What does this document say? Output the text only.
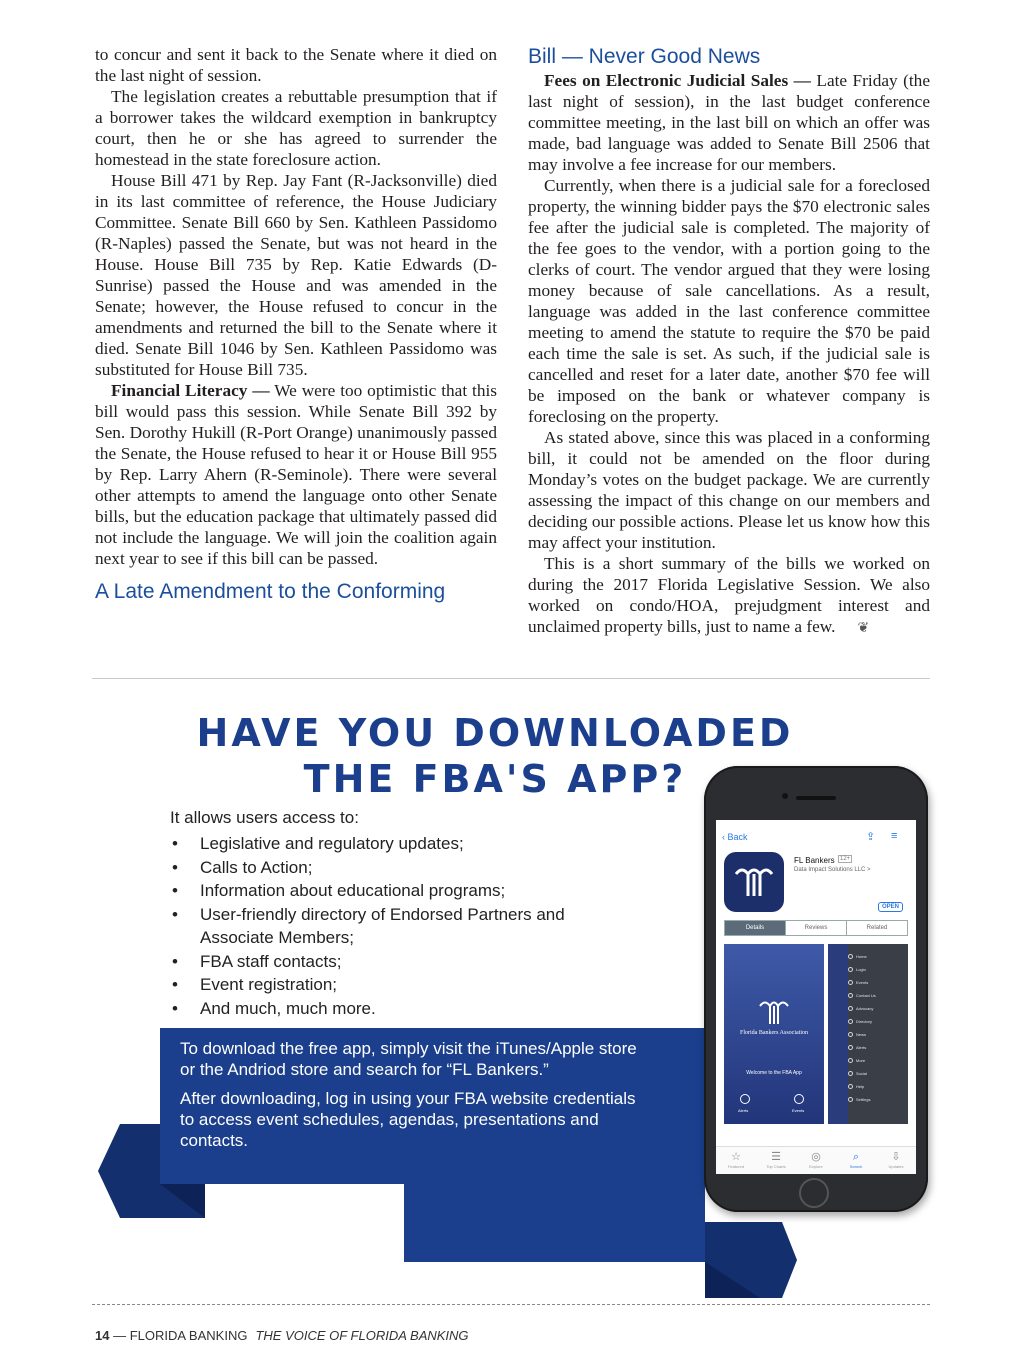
to concur and sent it back to the Senate where it died on the last night of session.

The legislation creates a rebuttable presumption that if a borrower takes the wildcard exemption in bankruptcy court, then he or she has agreed to surrender the homestead in the state foreclosure action.

House Bill 471 by Rep. Jay Fant (R-Jacksonville) died in its last committee of reference, the House Judiciary Committee. Senate Bill 660 by Sen. Kathleen Passidomo (R-Naples) passed the Senate, but was not heard in the House. House Bill 735 by Rep. Katie Edwards (D-Sunrise) passed the House and was amended in the Senate; however, the House refused to concur in the amendments and returned the bill to the Senate where it died. Senate Bill 1046 by Sen. Kathleen Passidomo was substituted for House Bill 735.

Financial Literacy — We were too optimistic that this bill would pass this session. While Senate Bill 392 by Sen. Dorothy Hukill (R-Port Orange) unanimously passed the Senate, the House refused to hear it or House Bill 955 by Rep. Larry Ahern (R-Seminole). There were several other attempts to amend the language onto other Senate bills, but the education package that ultimately passed did not include the language. We will join the coalition again next year to see if this bill can be passed.

A Late Amendment to the Conforming
Bill — Never Good News

Fees on Electronic Judicial Sales — Late Friday (the last night of session), in the last budget conference committee meeting, in the last bill on which an offer was made, bad language was added to Senate Bill 2506 that may involve a fee increase for our members.

Currently, when there is a judicial sale for a foreclosed property, the winning bidder pays the $70 electronic sales fee after the judicial sale is completed. The majority of the fee goes to the vendor, with a portion going to the clerks of court. The vendor argued that they were losing money because of sale cancellations. As a result, language was added in the last conference committee meeting to amend the statute to require the $70 be paid each time the sale is set. As such, if the judicial sale is cancelled and reset for a later date, another $70 fee will be imposed on the bank or whatever company is foreclosing on the property.

As stated above, since this was placed in a conforming bill, it could not be amended on the floor during Monday’s votes on the budget package. We are currently assessing the impact of this change on our members and deciding our possible actions. Please let us know how this may affect your institution.

This is a short summary of the bills we worked on during the 2017 Florida Legislative Session. We also worked on condo/HOA, prejudgment interest and unclaimed property bills, just to name a few. ❦

HAVE YOU DOWNLOADED
THE FBA'S APP?
It allows users access to:
• Legislative and regulatory updates;
• Calls to Action;
• Information about educational programs;
• User-friendly directory of Endorsed Partners and Associate Members;
• FBA staff contacts;
• Event registration;
• And much, much more.

To download the free app, simply visit the iTunes/Apple store or the Andriod store and search for “FL Bankers.”

After downloading, log in using your FBA website credentials to access event schedules, agendas, presentations and contacts.

‹ Back	⇪ ≡
FL Bankers 12+
Data Impact Solutions LLC >
OPEN
Details	Reviews	Related
Florida Bankers Association
Welcome to the FBA App
Alerts	Events
Home
Login
Events
Contact Us
Advocacy
Directory
News
Alerts
More
Social
Help
Settings
☆
Featured
☰
Top Charts
◎
Explore
⌕
Search
⇩
Updates
14 — FLORIDA BANKING THE VOICE OF FLORIDA BANKING
